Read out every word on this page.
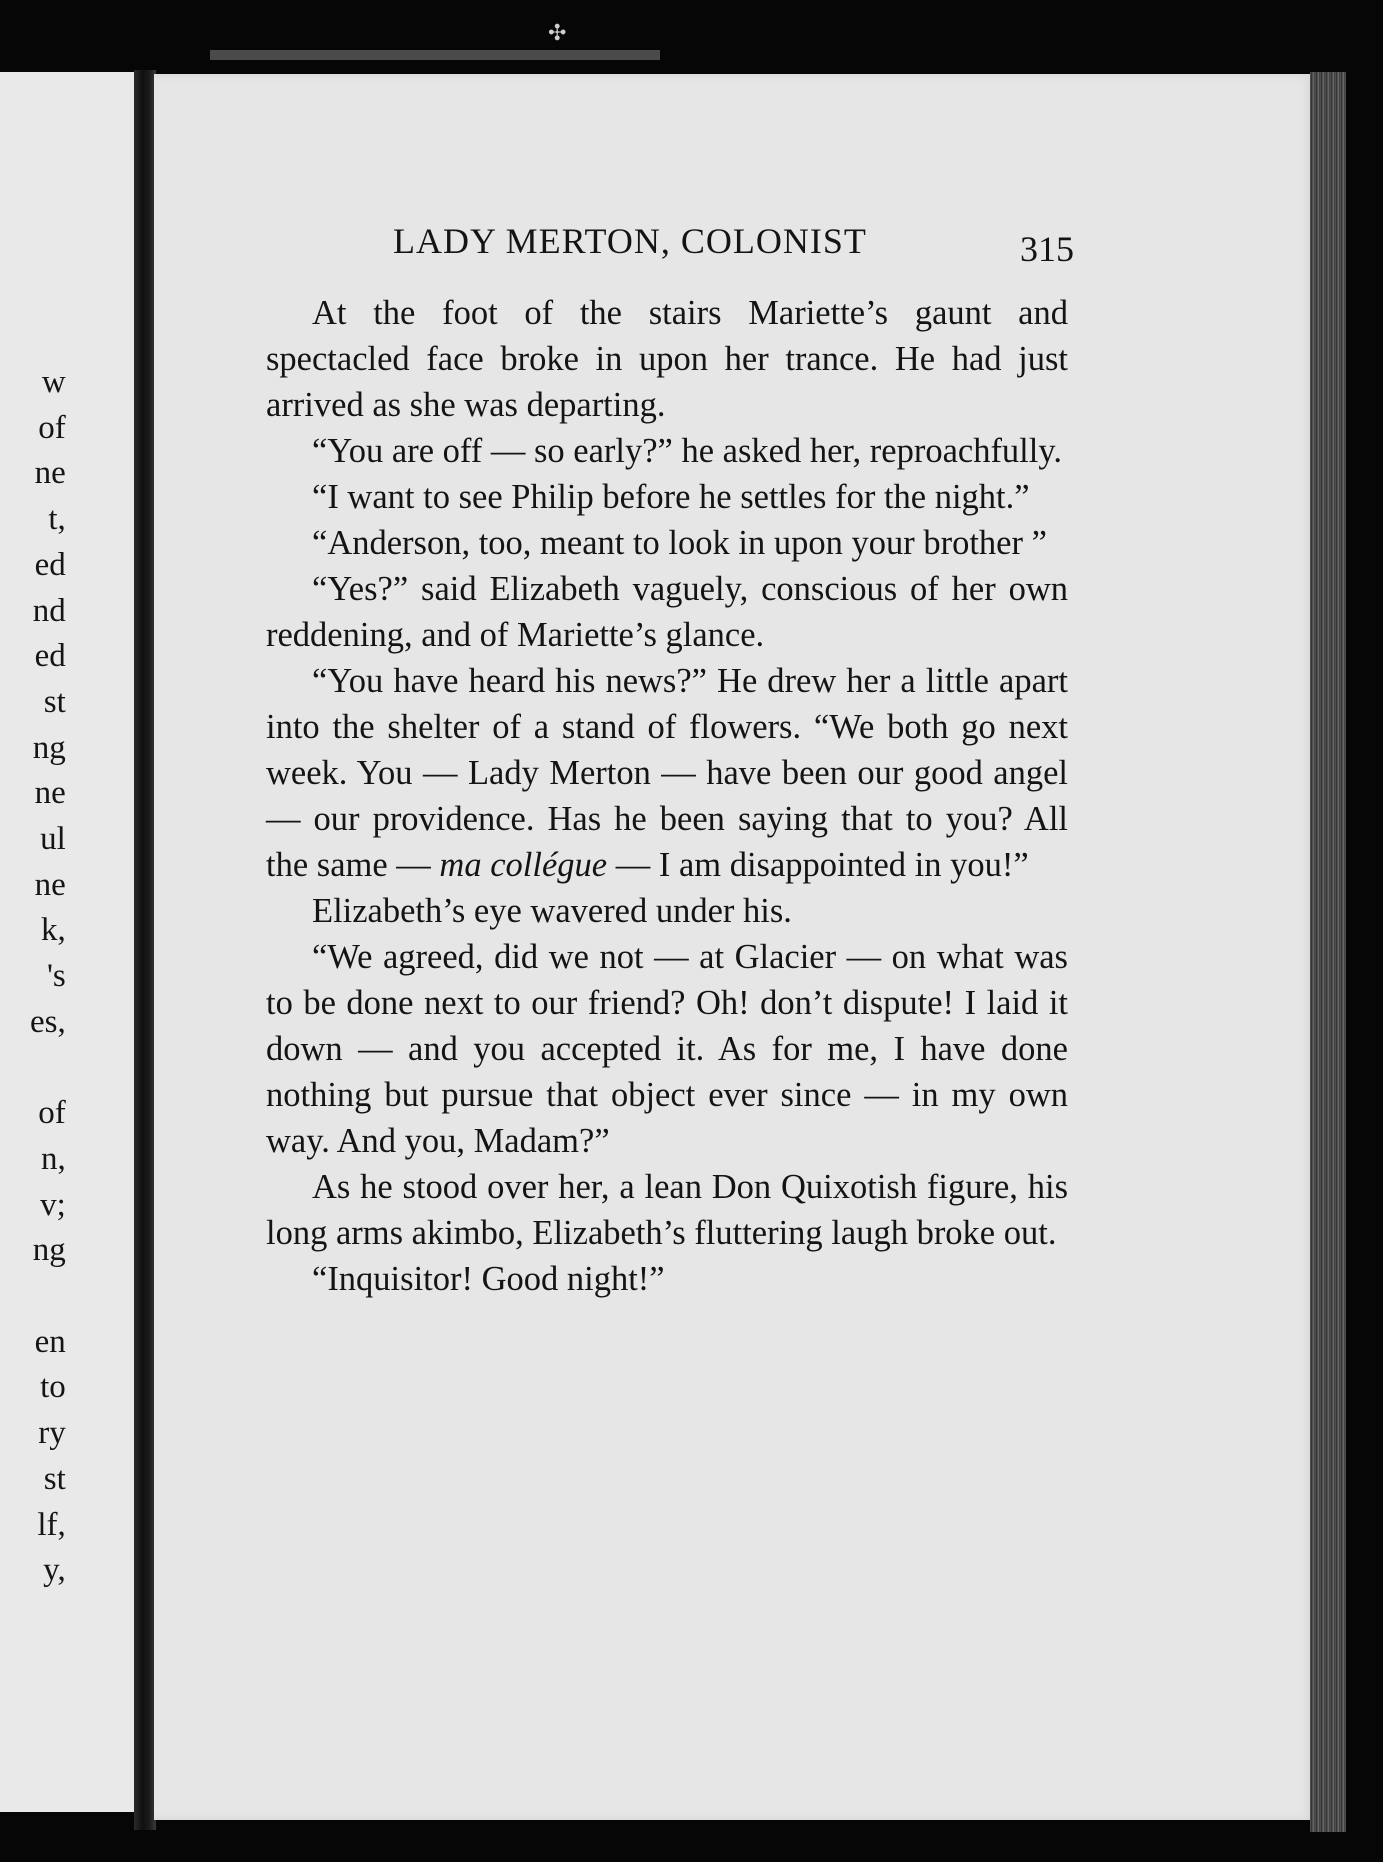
✣
w
of
ne
t,
ed
nd
ed
st
ng
ne
ul
ne
k,
's
es,

of
n,
v;
ng

en
to
ry
st
lf,
y,
LADY MERTON, COLONIST	315

At the foot of the stairs Mariette’s gaunt and spectacled face broke in upon her trance. He had just arrived as she was departing.

“You are off — so early?” he asked her, reproachfully.

“I want to see Philip before he settles for the night.”

“Anderson, too, meant to look in upon your brother ”

“Yes?” said Elizabeth vaguely, conscious of her own reddening, and of Mariette’s glance.

“You have heard his news?” He drew her a little apart into the shelter of a stand of flowers. “We both go next week. You — Lady Merton — have been our good angel — our providence. Has he been saying that to you? All the same — ma collégue — I am disappointed in you!”

Elizabeth’s eye wavered under his.

“We agreed, did we not — at Glacier — on what was to be done next to our friend? Oh! don’t dispute! I laid it down — and you accepted it. As for me, I have done nothing but pursue that object ever since — in my own way. And you, Madam?”

As he stood over her, a lean Don Quixotish figure, his long arms akimbo, Elizabeth’s fluttering laugh broke out.

“Inquisitor! Good night!”
